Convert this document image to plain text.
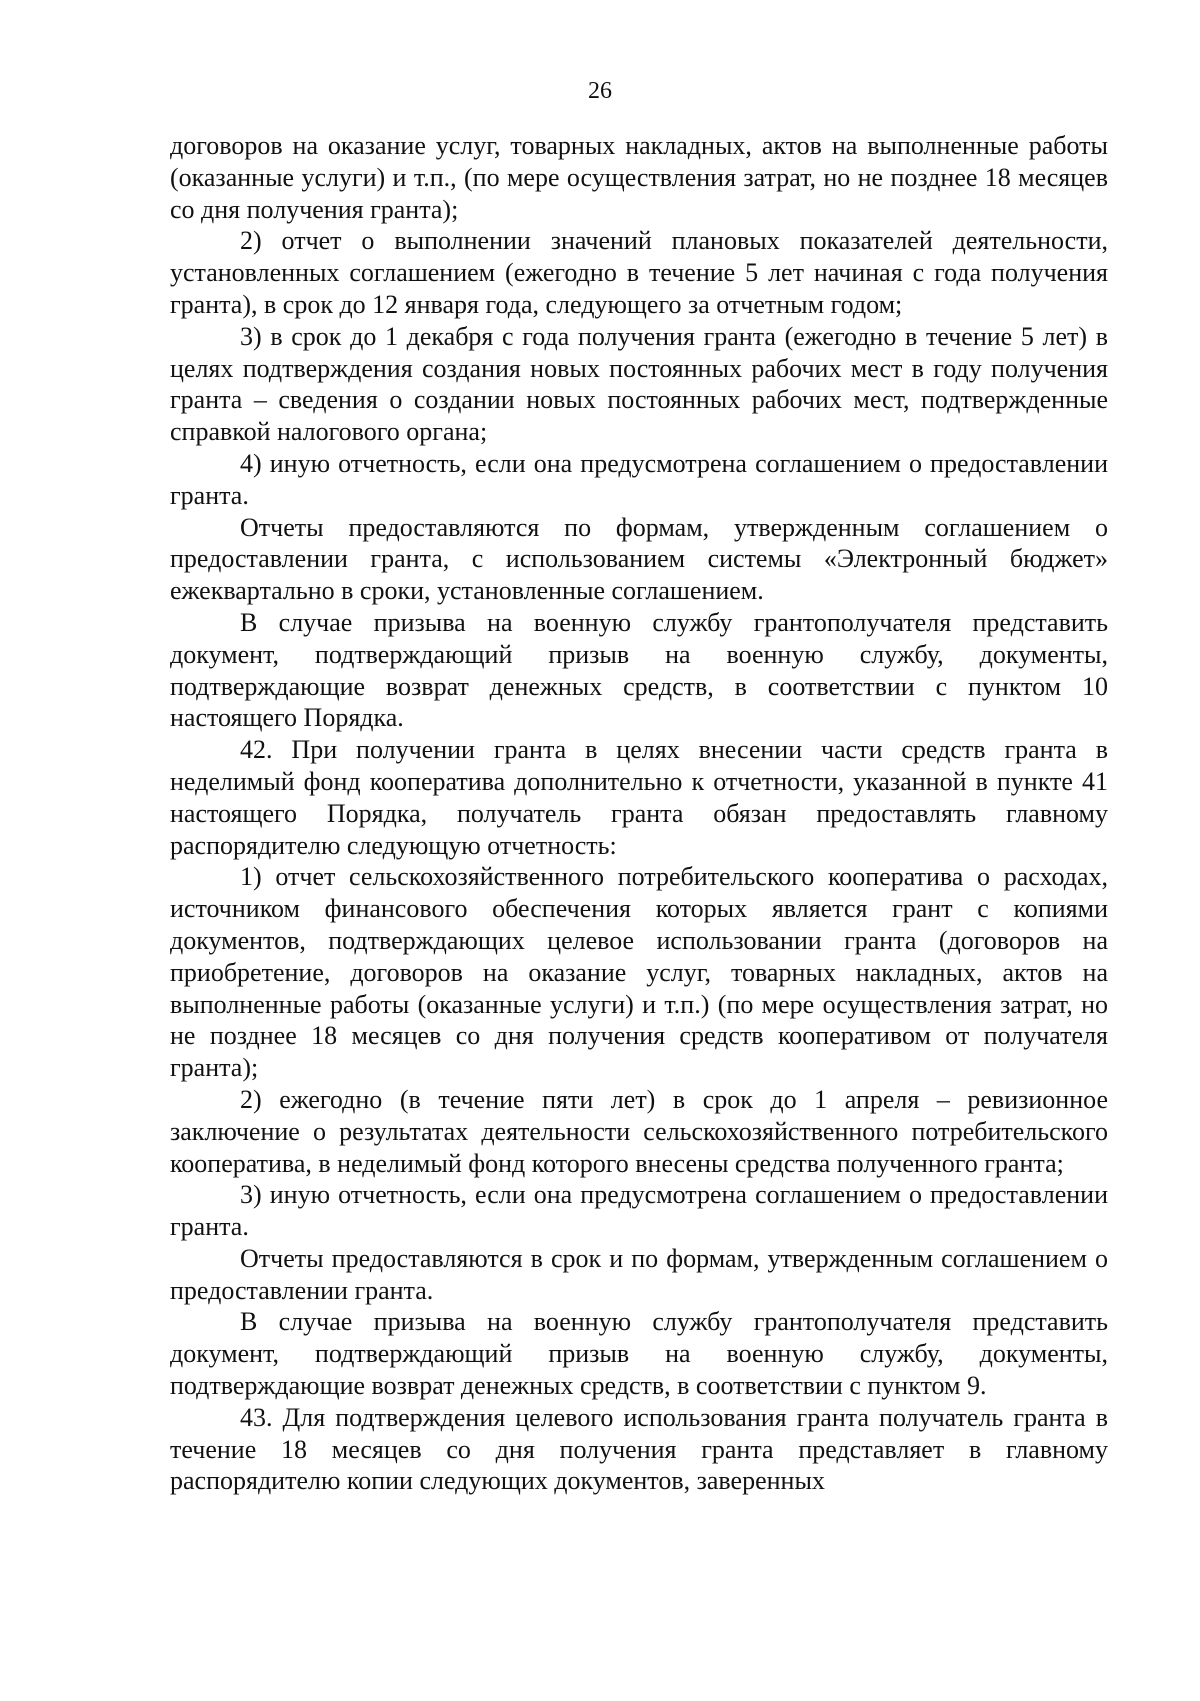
26

договоров на оказание услуг, товарных накладных, актов на выполненные работы (оказанные услуги) и т.п., (по мере осуществления затрат, но не позднее 18 месяцев со дня получения гранта);

2) отчет о выполнении значений плановых показателей деятельности, установленных соглашением (ежегодно в течение 5 лет начиная с года получения гранта), в срок до 12 января года, следующего за отчетным годом;

3) в срок до 1 декабря с года получения гранта (ежегодно в течение 5 лет) в целях подтверждения создания новых постоянных рабочих мест в году получения гранта – сведения о создании новых постоянных рабочих мест, подтвержденные справкой налогового органа;

4) иную отчетность, если она предусмотрена соглашением о предоставлении гранта.

Отчеты предоставляются по формам, утвержденным соглашением о предоставлении гранта, с использованием системы «Электронный бюджет» ежеквартально в сроки, установленные соглашением.

В случае призыва на военную службу грантополучателя представить документ, подтверждающий призыв на военную службу, документы, подтверждающие возврат денежных средств, в соответствии с пунктом 10 настоящего Порядка.

42. При получении гранта в целях внесении части средств гранта в неделимый фонд кооператива дополнительно к отчетности, указанной в пункте 41 настоящего Порядка, получатель гранта обязан предоставлять главному распорядителю следующую отчетность:

1) отчет сельскохозяйственного потребительского кооператива о расходах, источником финансового обеспечения которых является грант с копиями документов, подтверждающих целевое использовании гранта (договоров на приобретение, договоров на оказание услуг, товарных накладных, актов на выполненные работы (оказанные услуги) и т.п.) (по мере осуществления затрат, но не позднее 18 месяцев со дня получения средств кооперативом от получателя гранта);

2) ежегодно (в течение пяти лет) в срок до 1 апреля – ревизионное заключение о результатах деятельности сельскохозяйственного потребительского кооператива, в неделимый фонд которого внесены средства полученного гранта;

3) иную отчетность, если она предусмотрена соглашением о предоставлении гранта.

Отчеты предоставляются в срок и по формам, утвержденным соглашением о предоставлении гранта.

В случае призыва на военную службу грантополучателя представить документ, подтверждающий призыв на военную службу, документы, подтверждающие возврат денежных средств, в соответствии с пунктом 9.

43. Для подтверждения целевого использования гранта получатель гранта в течение 18 месяцев со дня получения гранта представляет в главному распорядителю копии следующих документов, заверенных
